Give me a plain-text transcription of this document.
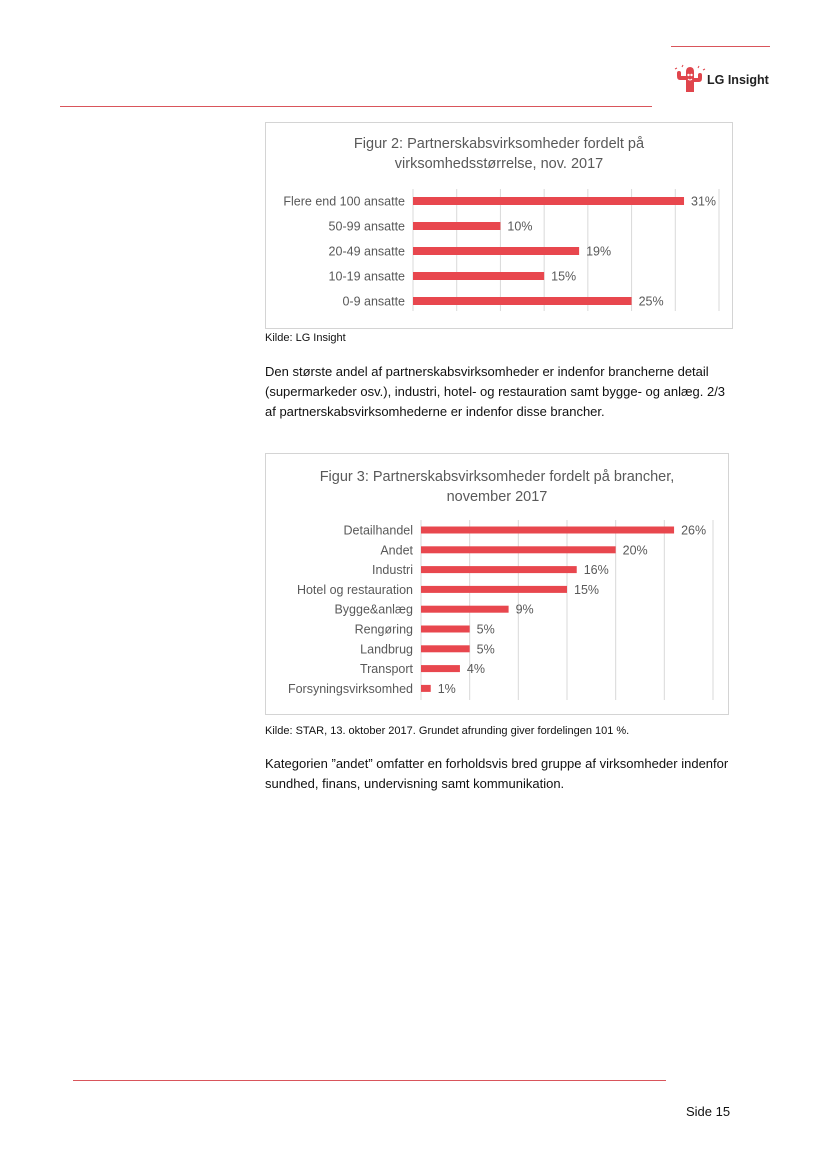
LG Insight
Figur 2: Partnerskabsvirksomheder fordelt på
virksomhedsstørrelse, nov. 2017
Flere end 100 ansatte	31%
50-99 ansatte	10%
20-49 ansatte	19%
10-19 ansatte	15%
0-9 ansatte	25%
Kilde: LG Insight
Den største andel af partnerskabsvirksomheder er indenfor brancherne detail (supermarkeder osv.), industri, hotel- og restauration samt bygge- og anlæg. 2/3 af partnerskabsvirksomhederne er indenfor disse brancher.
Figur 3: Partnerskabsvirksomheder fordelt på brancher,
november 2017
Detailhandel	26%
Andet	20%
Industri	16%
Hotel og restauration	15%
Bygge&anlæg	9%
Rengøring	5%
Landbrug	5%
Transport	4%
Forsyningsvirksomhed 1%
Kilde: STAR, 13. oktober 2017. Grundet afrunding giver fordelingen 101 %.
Kategorien ”andet” omfatter en forholdsvis bred gruppe af virksomheder indenfor sundhed, finans, undervisning samt kommunikation.
Side 15
